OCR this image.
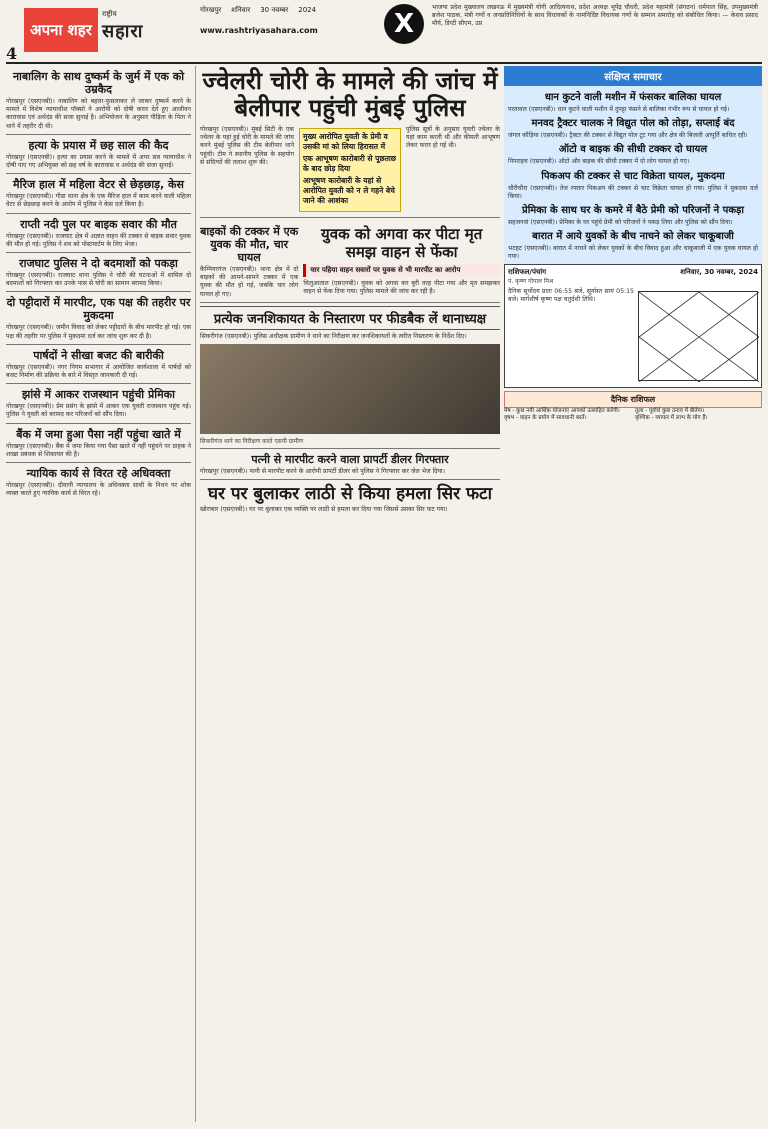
4
अपना शहर
राष्ट्रीय
सहारा
गोरखपुर शनिवार 30 नवम्बर 2024
www.rashtriyasahara.com	X
भाजपा प्रदेश मुख्यालय लखनऊ में मुख्यमंत्री योगी आदित्यनाथ, प्रदेश अध्यक्ष भूपेंद्र चौधरी, प्रदेश महामंत्री (संगठन) धर्मपाल सिंह, उपमुख्यमंत्री ब्रजेश पाठक, मंत्री गणों व जनप्रतिनिधियों के साथ विधायकों के नामनिर्दिष्ट विधायक गणों के सम्मान समारोह को संबोधित किया। — केशव प्रसाद मौर्य, डिप्टी सीएम, उप्र
नाबालिग के साथ दुष्कर्म के जुर्म में एक को उम्रकैद

गोरखपुर (एसएनबी)। नाबालिग को बहला-फुसलाकर ले जाकर दुष्कर्म करने के मामले में विशेष न्यायाधीश पॉक्सो ने आरोपी को दोषी करार देते हुए आजीवन कारावास एवं अर्थदंड की सजा सुनाई है। अभियोजन के अनुसार पीड़िता के पिता ने थाने में तहरीर दी थी।

हत्या के प्रयास में छह साल की कैद

गोरखपुर (एसएनबी)। हत्या का प्रयास करने के मामले में अपर सत्र न्यायाधीश ने दोषी पाए गए अभियुक्त को छह वर्ष के कारावास व अर्थदंड की सजा सुनाई।

मैरिज हाल में महिला वेटर से छेड़छाड़, केस

गोरखपुर (एसएनबी)। गीडा थाना क्षेत्र के एक मैरिज हाल में काम करने वाली महिला वेटर से छेड़छाड़ करने के आरोप में पुलिस ने केस दर्ज किया है।

राप्ती नदी पुल पर बाइक सवार की मौत

गोरखपुर (एसएनबी)। राजघाट क्षेत्र में अज्ञात वाहन की टक्कर से बाइक सवार युवक की मौत हो गई। पुलिस ने शव को पोस्टमार्टम के लिए भेजा।

राजघाट पुलिस ने दो बदमाशों को पकड़ा

गोरखपुर (एसएनबी)। राजघाट थाना पुलिस ने चोरी की घटनाओं में शामिल दो बदमाशों को गिरफ्तार कर उनके पास से चोरी का सामान बरामद किया।

दो पट्टीदारों में मारपीट, एक पक्ष की तहरीर पर मुकदमा

गोरखपुर (एसएनबी)। जमीन विवाद को लेकर पट्टीदारों के बीच मारपीट हो गई। एक पक्ष की तहरीर पर पुलिस ने मुकदमा दर्ज कर जांच शुरू कर दी है।

पार्षदों ने सीखा बजट की बारीकी

गोरखपुर (एसएनबी)। नगर निगम सभागार में आयोजित कार्यशाला में पार्षदों को बजट निर्माण की प्रक्रिया के बारे में विस्तृत जानकारी दी गई।

झांसे में आकर राजस्थान पहुंची प्रेमिका

गोरखपुर (एसएनबी)। प्रेम प्रसंग के झांसे में आकर एक युवती राजस्थान पहुंच गई। पुलिस ने युवती को बरामद कर परिजनों को सौंप दिया।

बैंक में जमा हुआ पैसा नहीं पहुंचा खाते में

गोरखपुर (एसएनबी)। बैंक में जमा किया गया पैसा खाते में नहीं पहुंचने पर ग्राहक ने शाखा प्रबंधक से शिकायत की है।

न्यायिक कार्य से विरत रहे अधिवक्ता

गोरखपुर (एसएनबी)। दीवानी न्यायालय के अधिवक्ता साथी के निधन पर शोक व्यक्त करते हुए न्यायिक कार्य से विरत रहे।

ज्वेलरी चोरी के मामले की जांच में बेलीपार पहुंची मुंबई पुलिस

गोरखपुर (एसएनबी)। मुंबई सिटी के एक ज्वेलर के यहां हुई चोरी के मामले की जांच करने मुंबई पुलिस की टीम बेलीपार थाने पहुंची। टीम ने स्थानीय पुलिस के सहयोग से संदिग्धों की तलाश शुरू की।

मुख्य आरोपित युवती के प्रेमी व उसकी मां को लिया हिरासत में
एक आभूषण कारोबारी से पूछताछ के बाद छोड़ दिया
आभूषण कारोबारी के यहां से आरोपित युवती को न ले गहने बेचे जाने की आशंका

पुलिस सूत्रों के अनुसार युवती ज्वेलर के यहां काम करती थी और कीमती आभूषण लेकर फरार हो गई थी।

बाइकों की टक्कर में एक युवक की मौत, चार घायल

कैम्पियरगंज (एसएनबी)। थाना क्षेत्र में दो बाइकों की आमने-सामने टक्कर में एक युवक की मौत हो गई, जबकि चार लोग घायल हो गए।

युवक को अगवा कर पीटा मृत समझ वाहन से फेंका
चार पहिया वाहन सवारों पर युवक से भी मारपीट का आरोप

चिलुआताल (एसएनबी)। युवक को अगवा कर बुरी तरह पीटा गया और मृत समझकर वाहन से फेंक दिया गया। पुलिस मामले की जांच कर रही है।

प्रत्येक जनशिकायत के निस्तारण पर फीडबैक लें थानाध्यक्ष

सिकरीगंज (एसएनबी)। पुलिस अधीक्षक ग्रामीण ने थाने का निरीक्षण कर जनशिकायतों के त्वरित निस्तारण के निर्देश दिए।

सिकरीगंज थाने का निरीक्षण करते एसपी ग्रामीण
पत्नी से मारपीट करने वाला प्रापर्टी डीलर गिरफ्तार

गोरखपुर (एसएनबी)। पत्नी से मारपीट करने के आरोपी प्रापर्टी डीलर को पुलिस ने गिरफ्तार कर जेल भेज दिया।

घर पर बुलाकर लाठी से किया हमला सिर फटा

खोराबार (एसएनबी)। घर पर बुलाकर एक व्यक्ति पर लाठी से हमला कर दिया गया जिससे उसका सिर फट गया।

संक्षिप्त समाचार
धान कुटने वाली मशीन में फंसकर बालिका घायल

परतावल (एसएनबी)। धान कुटने वाली मशीन में दुपट्टा फंसने से बालिका गंभीर रूप से घायल हो गई।

मनवद ट्रैक्टर चालक ने विद्युत पोल को तोड़ा, सप्लाई बंद

जंगल कौड़िया (एसएनबी)। ट्रैक्टर की टक्कर से विद्युत पोल टूट गया और क्षेत्र की बिजली आपूर्ति बाधित रही।

ऑटो व बाइक की सीधी टक्कर दो घायल

पिपराइच (एसएनबी)। ऑटो और बाइक की सीधी टक्कर में दो लोग घायल हो गए।

पिकअप की टक्कर से चाट विक्रेता घायल, मुकदमा

चौरीचौरा (एसएनबी)। तेज रफ्तार पिकअप की टक्कर से चाट विक्रेता घायल हो गया। पुलिस ने मुकदमा दर्ज किया।

प्रेमिका के साथ घर के कमरे में बैठे प्रेमी को परिजनों ने पकड़ा

सहजनवां (एसएनबी)। प्रेमिका के घर पहुंचे प्रेमी को परिजनों ने पकड़ लिया और पुलिस को सौंप दिया।

बारात में आये युवकों के बीच नाचने को लेकर चाकूबाजी

भटहट (एसएनबी)। बारात में नाचने को लेकर युवकों के बीच विवाद हुआ और चाकूबाजी में एक युवक घायल हो गया।

राशिफल/पंचांग	शनिवार, 30 नवम्बर, 2024
पं. कृष्ण गोपाल मिश्र

दैनिक सूर्योदय प्रातः 06:55 बजे, सूर्यास्त सायं 05:15 बजे। मार्गशीर्ष कृष्ण पक्ष चतुर्दशी तिथि।

दैनिक राशिफल

मेष - कुछ नयी आर्थिक योजनाएं आपको उत्साहित करेंगी।

वृषभ - वाहन के प्रयोग में सावधानी बरतें।

तुला - पूर्वार्ध कुछ तनाव में बीतेगा।

वृश्चिक - व्यापार में लाभ के योग हैं।
